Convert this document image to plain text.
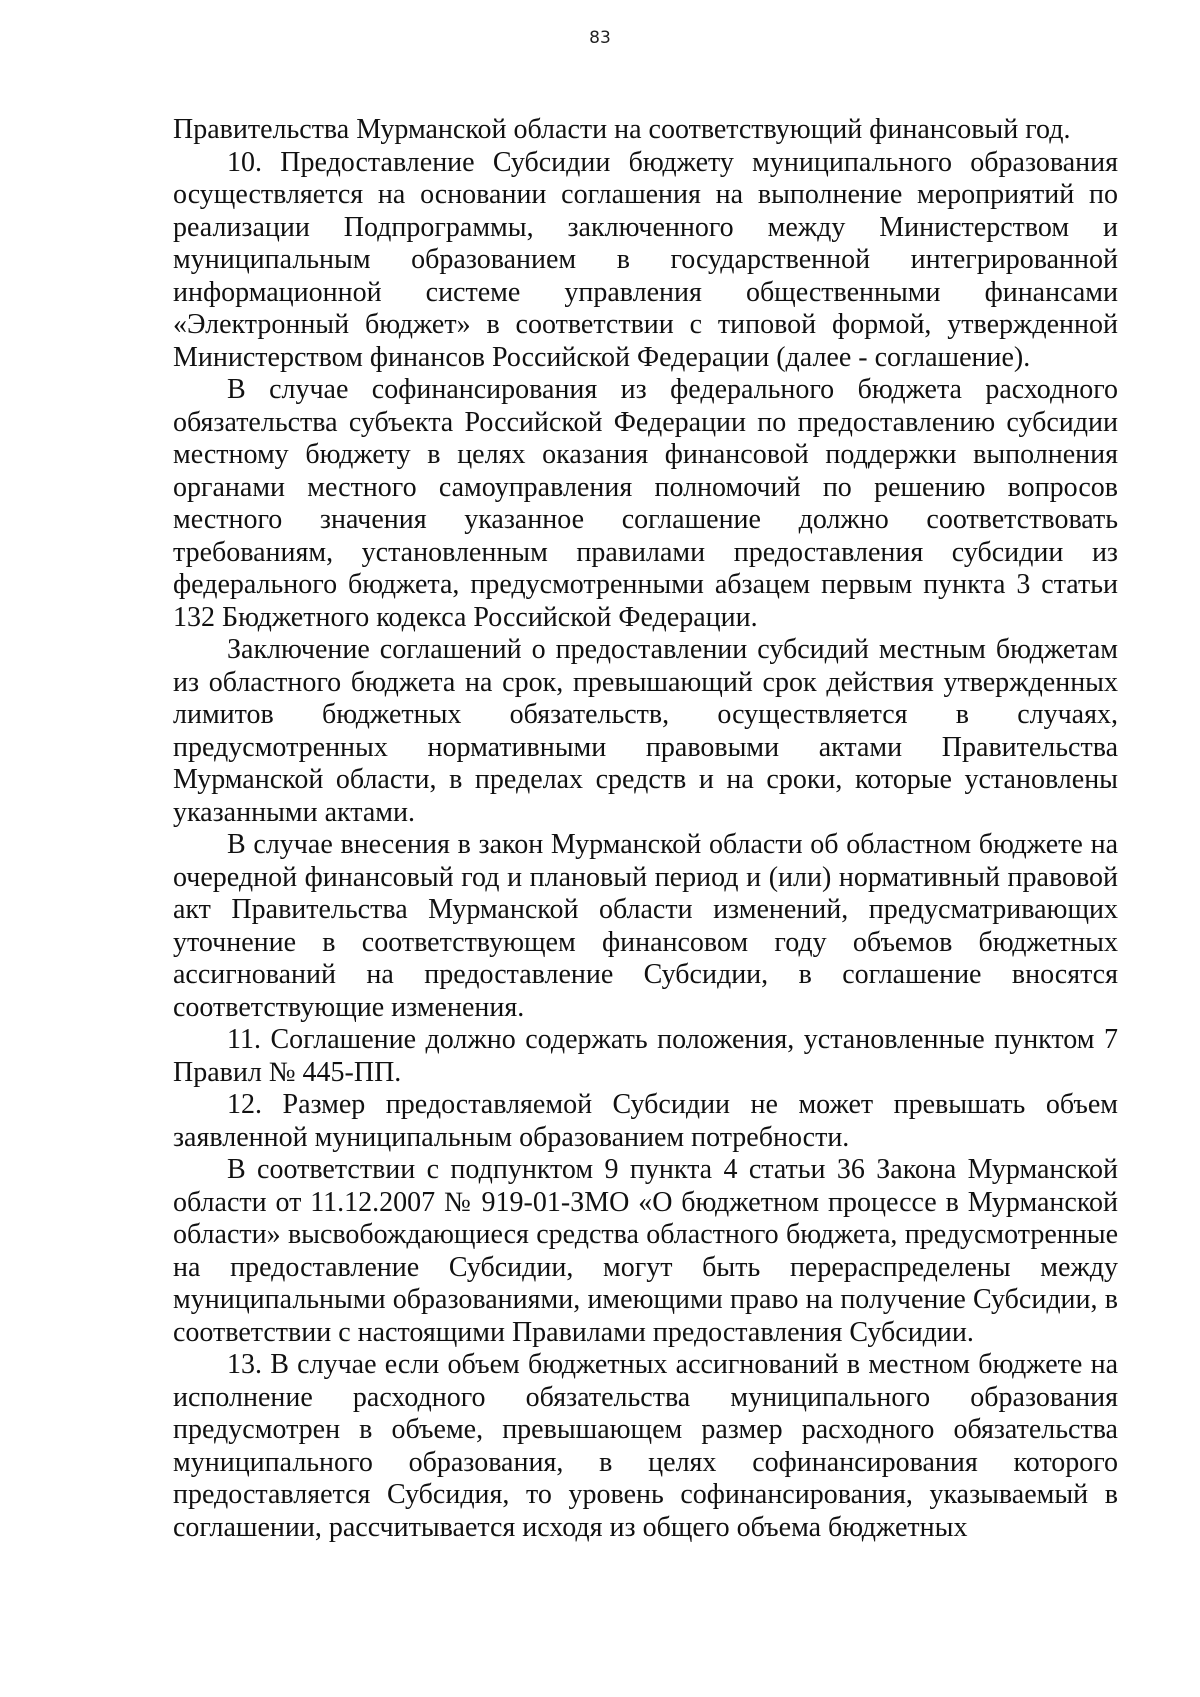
83

Правительства Мурманской области на соответствующий финансовый год.

10. Предоставление Субсидии бюджету муниципального образования осуществляется на основании соглашения на выполнение мероприятий по реализации Подпрограммы, заключенного между Министерством и муниципальным образованием в государственной интегрированной информационной системе управления общественными финансами «Электронный бюджет» в соответствии с типовой формой, утвержденной Министерством финансов Российской Федерации (далее - соглашение).

В случае софинансирования из федерального бюджета расходного обязательства субъекта Российской Федерации по предоставлению субсидии местному бюджету в целях оказания финансовой поддержки выполнения органами местного самоуправления полномочий по решению вопросов местного значения указанное соглашение должно соответствовать требованиям, установленным правилами предоставления субсидии из федерального бюджета, предусмотренными абзацем первым пункта 3 статьи 132 Бюджетного кодекса Российской Федерации.

Заключение соглашений о предоставлении субсидий местным бюджетам из областного бюджета на срок, превышающий срок действия утвержденных лимитов бюджетных обязательств, осуществляется в случаях, предусмотренных нормативными правовыми актами Правительства Мурманской области, в пределах средств и на сроки, которые установлены указанными актами.

В случае внесения в закон Мурманской области об областном бюджете на очередной финансовый год и плановый период и (или) нормативный правовой акт Правительства Мурманской области изменений, предусматривающих уточнение в соответствующем финансовом году объемов бюджетных ассигнований на предоставление Субсидии, в соглашение вносятся соответствующие изменения.

11. Соглашение должно содержать положения, установленные пунктом 7 Правил № 445-ПП.

12. Размер предоставляемой Субсидии не может превышать объем заявленной муниципальным образованием потребности.

В соответствии с подпунктом 9 пункта 4 статьи 36 Закона Мурманской области от 11.12.2007 № 919-01-ЗМО «О бюджетном процессе в Мурманской области» высвобождающиеся средства областного бюджета, предусмотренные на предоставление Субсидии, могут быть перераспределены между муниципальными образованиями, имеющими право на получение Субсидии, в соответствии с настоящими Правилами предоставления Субсидии.

13. В случае если объем бюджетных ассигнований в местном бюджете на исполнение расходного обязательства муниципального образования предусмотрен в объеме, превышающем размер расходного обязательства муниципального образования, в целях софинансирования которого предоставляется Субсидия, то уровень софинансирования, указываемый в соглашении, рассчитывается исходя из общего объема бюджетных
